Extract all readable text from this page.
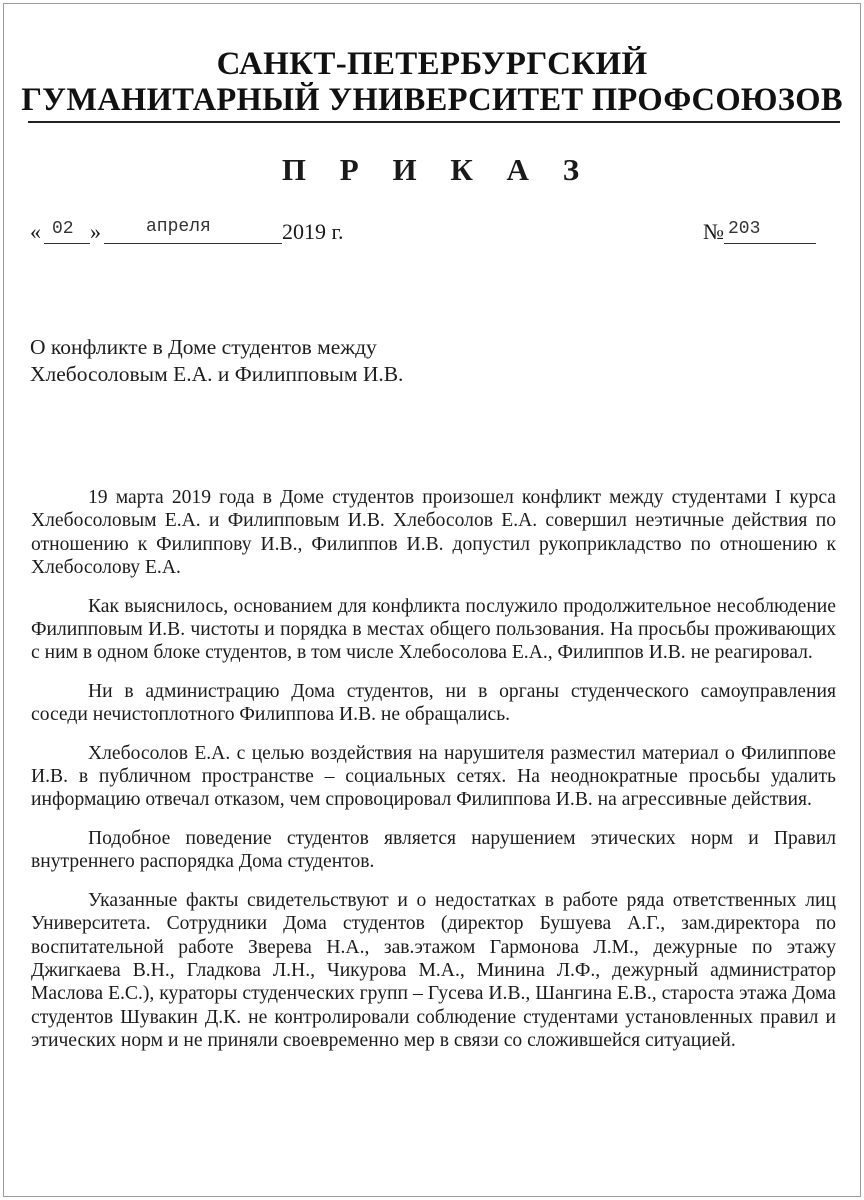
САНКТ-ПЕТЕРБУРГСКИЙ
ГУМАНИТАРНЫЙ УНИВЕРСИТЕТ ПРОФСОЮЗОВ
П Р И К А З
« 02 »	апреля	2019 г.	№ 203
О конфликте в Доме студентов между
Хлебосоловым Е.А. и Филипповым И.В.

19 марта 2019 года в Доме студентов произошел конфликт между студентами I курса Хлебосоловым Е.А. и Филипповым И.В. Хлебосолов Е.А. совершил неэтичные действия по отношению к Филиппову И.В., Филиппов И.В. допустил рукоприкладство по отношению к Хлебосолову Е.А.

Как выяснилось, основанием для конфликта послужило продолжительное несоблюдение Филипповым И.В. чистоты и порядка в местах общего пользования. На просьбы проживающих с ним в одном блоке студентов, в том числе Хлебосолова Е.А., Филиппов И.В. не реагировал.

Ни в администрацию Дома студентов, ни в органы студенческого самоуправления соседи нечистоплотного Филиппова И.В. не обращались.

Хлебосолов Е.А. с целью воздействия на нарушителя разместил материал о Филиппове И.В. в публичном пространстве – социальных сетях. На неоднократные просьбы удалить информацию отвечал отказом, чем спровоцировал Филиппова И.В. на агрессивные действия.

Подобное поведение студентов является нарушением этических норм и Правил внутреннего распорядка Дома студентов.

Указанные факты свидетельствуют и о недостатках в работе ряда ответственных лиц Университета. Сотрудники Дома студентов (директор Бушуева А.Г., зам.директора по воспитательной работе Зверева Н.А., зав.этажом Гармонова Л.М., дежурные по этажу Джигкаева В.Н., Гладкова Л.Н., Чикурова М.А., Минина Л.Ф., дежурный администратор Маслова Е.С.), кураторы студенческих групп – Гусева И.В., Шангина Е.В., староста этажа Дома студентов Шувакин Д.К. не контролировали соблюдение студентами установленных правил и этических норм и не приняли своевременно мер в связи со сложившейся ситуацией.
